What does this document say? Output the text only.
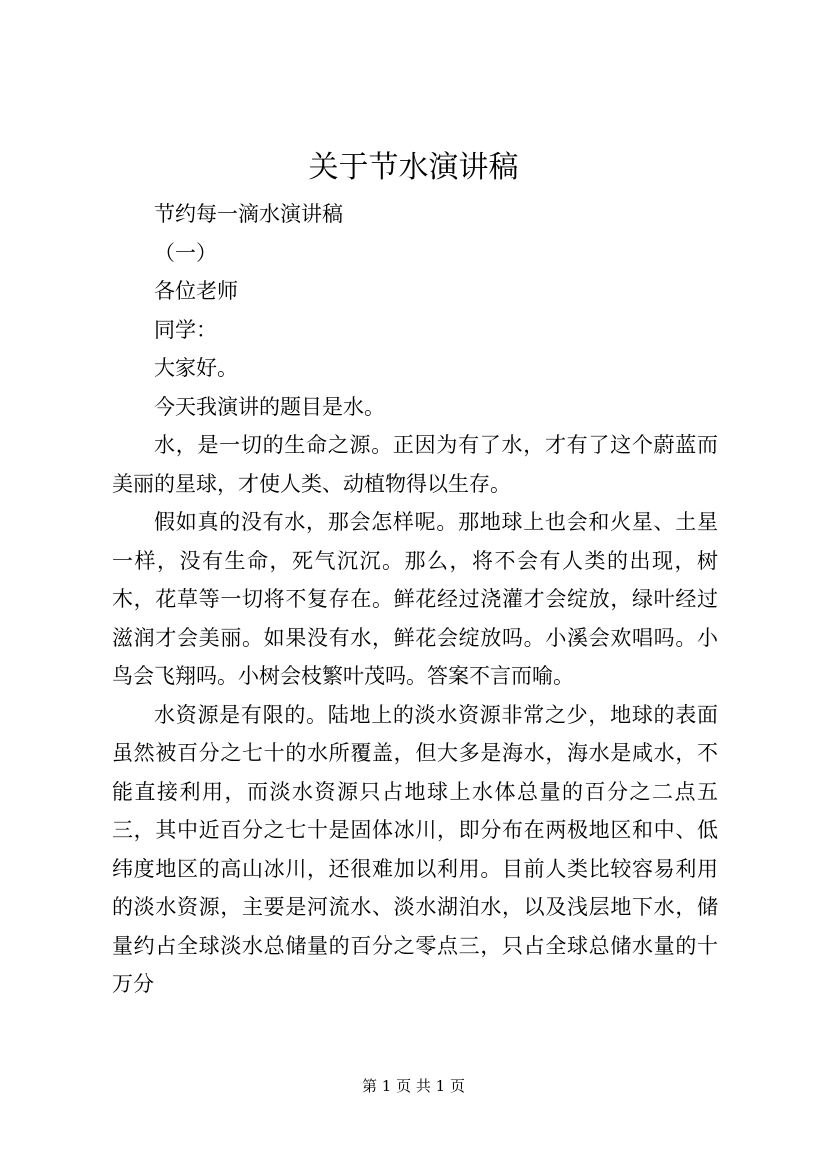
关于节水演讲稿

节约每一滴水演讲稿

（一）

各位老师

同学：

大家好。

今天我演讲的题目是水。

水，是一切的生命之源。正因为有了水，才有了这个蔚蓝而美丽的星球，才使人类、动植物得以生存。

假如真的没有水，那会怎样呢。那地球上也会和火星、土星一样，没有生命，死气沉沉。那么，将不会有人类的出现，树木，花草等一切将不复存在。鲜花经过浇灌才会绽放，绿叶经过滋润才会美丽。如果没有水，鲜花会绽放吗。小溪会欢唱吗。小鸟会飞翔吗。小树会枝繁叶茂吗。答案不言而喻。

水资源是有限的。陆地上的淡水资源非常之少，地球的表面虽然被百分之七十的水所覆盖，但大多是海水，海水是咸水，不能直接利用，而淡水资源只占地球上水体总量的百分之二点五三，其中近百分之七十是固体冰川，即分布在两极地区和中、低纬度地区的高山冰川，还很难加以利用。目前人类比较容易利用的淡水资源，主要是河流水、淡水湖泊水，以及浅层地下水，储量约占全球淡水总储量的百分之零点三，只占全球总储水量的十万分

第 1 页 共 1 页
